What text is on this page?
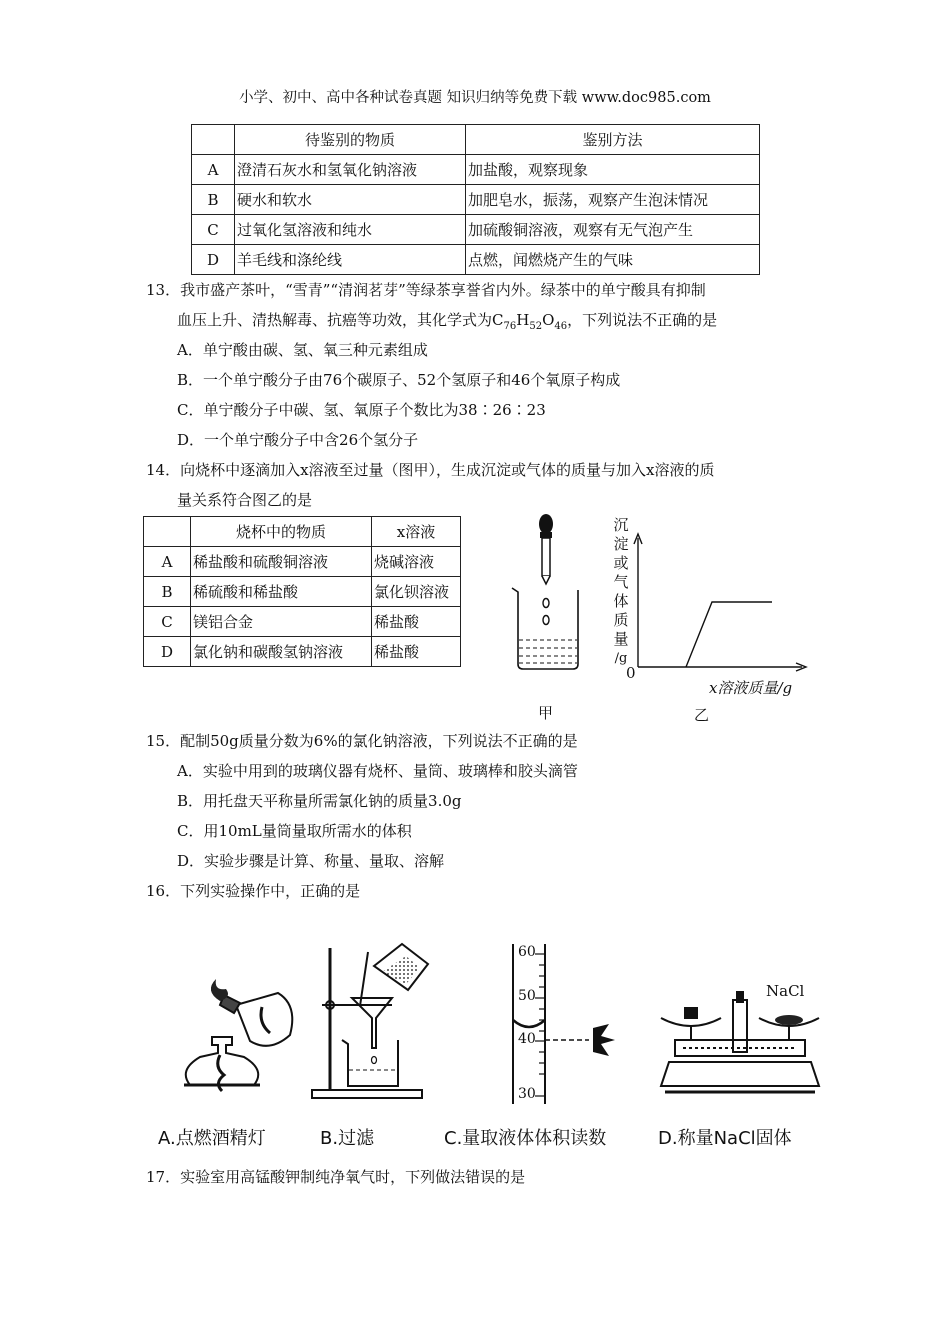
小学、初中、高中各种试卷真题 知识归纳等免费下载 www.doc985.com
	待鉴别的物质	鉴别方法
A	澄清石灰水和氢氧化钠溶液	加盐酸，观察现象
B	硬水和软水	加肥皂水，振荡，观察产生泡沫情况
C	过氧化氢溶液和纯水	加硫酸铜溶液，观察有无气泡产生
D	羊毛线和涤纶线	点燃，闻燃烧产生的气味
13．我市盛产茶叶，“雪青”“清润茗芽”等绿茶享誉省内外。绿茶中的单宁酸具有抑制
血压上升、清热解毒、抗癌等功效，其化学式为$C_{76}H_{52}O_{46}$，下列说法不正确的是
A．单宁酸由碳、氢、氧三种元素组成
B．一个单宁酸分子由76个碳原子、52个氢原子和46个氧原子构成
C．单宁酸分子中碳、氢、氧原子个数比为38∶26∶23
D．一个单宁酸分子中含26个氢分子
14．向烧杯中逐滴加入x溶液至过量（图甲），生成沉淀或气体的质量与加入x溶液的质
量关系符合图乙的是
	烧杯中的物质	x溶液
A	稀盐酸和硫酸铜溶液	烧碱溶液
B	稀硫酸和稀盐酸	氯化钡溶液
C	镁铝合金	稀盐酸
D	氯化钠和碳酸氢钠溶液	稀盐酸
甲
沉
淀
或
气
体
质
量
/g
0
x溶液质量/g
乙
15．配制50g质量分数为6%的氯化钠溶液，下列说法不正确的是
A．实验中用到的玻璃仪器有烧杯、量筒、玻璃棒和胶头滴管
B．用托盘天平称量所需氯化钠的质量3.0g
C．用10mL量筒量取所需水的体积
D．实验步骤是计算、称量、量取、溶解
16．下列实验操作中，正确的是
A.点燃酒精灯	B.过滤
60
50
40
30
C.量取液体体积读数
NaCl
D.称量NaCl固体
17．实验室用高锰酸钾制纯净氧气时，下列做法错误的是
